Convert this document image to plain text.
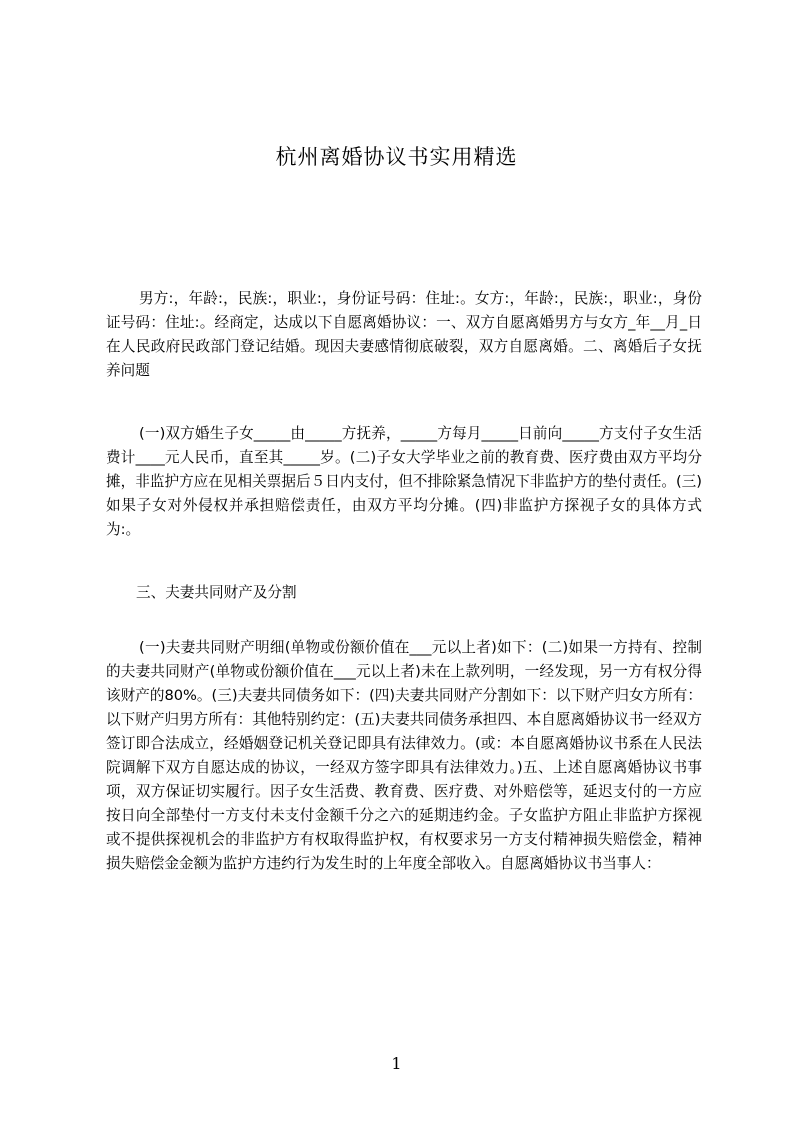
杭州离婚协议书实用精选

男方:，年龄:，民族:，职业:，身份证号码：住址:。女方:，年龄:，民族:，职业:，身份证号码：住址:。经商定，达成以下自愿离婚协议：一、双方自愿离婚男方与女方_年__月_日在人民政府民政部门登记结婚。现因夫妻感情彻底破裂，双方自愿离婚。二、离婚后子女抚养问题

(一)双方婚生子女_____由_____方抚养，_____方每月_____日前向_____方支付子女生活费计____元人民币，直至其_____岁。(二)子女大学毕业之前的教育费、医疗费由双方平均分摊，非监护方应在见相关票据后５日内支付，但不排除紧急情况下非监护方的垫付责任。(三)如果子女对外侵权并承担赔偿责任，由双方平均分摊。(四)非监护方探视子女的具体方式为:。

三、夫妻共同财产及分割

(一)夫妻共同财产明细(单物或份额价值在___元以上者)如下：(二)如果一方持有、控制的夫妻共同财产(单物或份额价值在___元以上者)未在上款列明，一经发现，另一方有权分得该财产的80%。(三)夫妻共同债务如下：(四)夫妻共同财产分割如下：以下财产归女方所有：以下财产归男方所有：其他特别约定：(五)夫妻共同债务承担四、本自愿离婚协议书一经双方签订即合法成立，经婚姻登记机关登记即具有法律效力。(或：本自愿离婚协议书系在人民法院调解下双方自愿达成的协议，一经双方签字即具有法律效力。)五、上述自愿离婚协议书事项，双方保证切实履行。因子女生活费、教育费、医疗费、对外赔偿等，延迟支付的一方应按日向全部垫付一方支付未支付金额千分之六的延期违约金。子女监护方阻止非监护方探视或不提供探视机会的非监护方有权取得监护权，有权要求另一方支付精神损失赔偿金，精神损失赔偿金金额为监护方违约行为发生时的上年度全部收入。自愿离婚协议书当事人：

1
